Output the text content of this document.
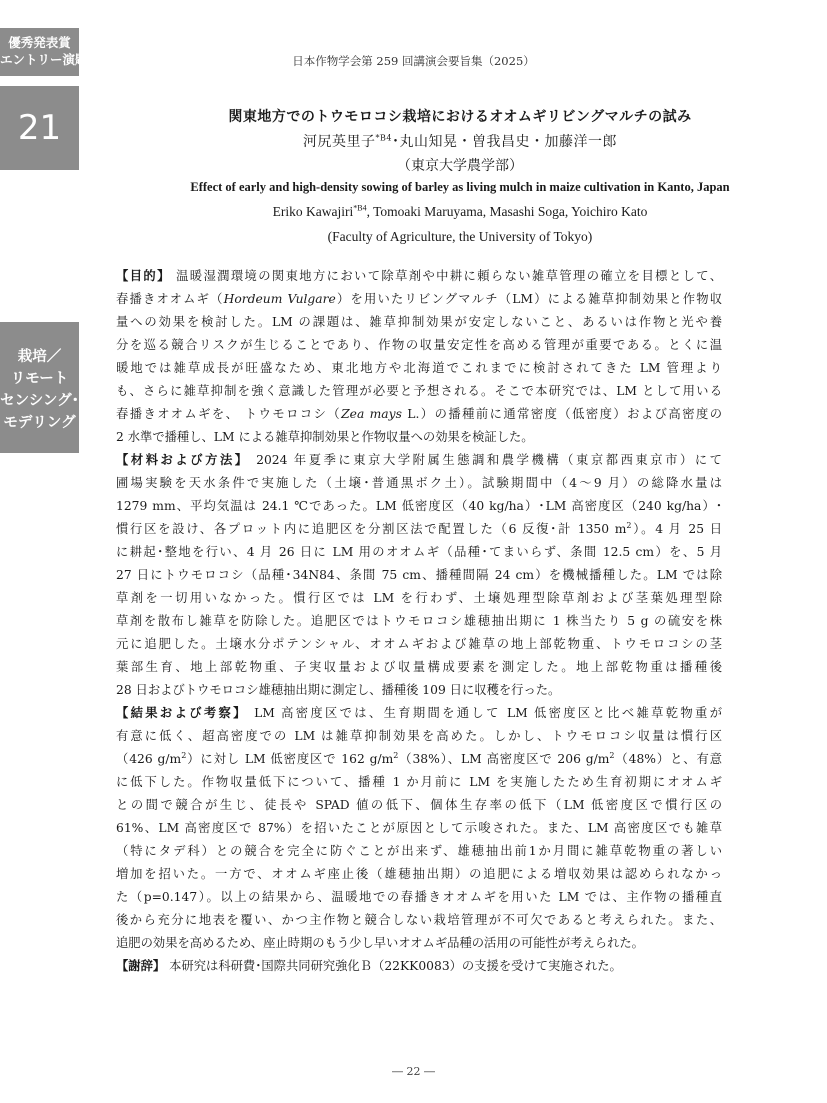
優秀発表賞
エントリー演題
21
栽培／
リモート
センシング･
モデリング
日本作物学会第 259 回講演会要旨集（2025）
関東地方でのトウモロコシ栽培におけるオオムギリビングマルチの試み
河尻英里子$^{*B4}$･丸山知晃・曽我昌史・加藤洋一郎
（東京大学農学部）
Effect of early and high-density sowing of barley as living mulch in maize cultivation in Kanto, Japan
Eriko Kawajiri$^{*B4}$, Tomoaki Maruyama, Masashi Soga, Yoichiro Kato
(Faculty of Agriculture, the University of Tokyo)
【目的】 温暖湿潤環境の関東地方において除草剤や中耕に頼らない雑草管理の確立を目標として、
春播きオオムギ（Hordeum Vulgare）を用いたリビングマルチ（LM）による雑草抑制効果と作物収
量への効果を検討した。LM の課題は、雑草抑制効果が安定しないこと、あるいは作物と光や養
分を巡る競合リスクが生じることであり、作物の収量安定性を高める管理が重要である。とくに温
暖地では雑草成長が旺盛なため、東北地方や北海道でこれまでに検討されてきた LM 管理より
も、さらに雑草抑制を強く意識した管理が必要と予想される。そこで本研究では、LM として用いる
春播きオオムギを、 トウモロコシ（Zea mays L.）の播種前に通常密度（低密度）および高密度の
2 水準で播種し、LM による雑草抑制効果と作物収量への効果を検証した。
【材料および方法】 2024 年夏季に東京大学附属生態調和農学機構（東京都西東京市）にて
圃場実験を天水条件で実施した（土壌･普通黒ボク土）。試験期間中（4～9 月）の総降水量は
1279 mm、平均気温は 24.1 ℃であった。LM 低密度区（40 kg/ha）･LM 高密度区（240 kg/ha）･
慣行区を設け、各プロット内に追肥区を分割区法で配置した（6 反復･計 1350 $m^2$）。4 月 25 日
に耕起･整地を行い、4 月 26 日に LM 用のオオムギ（品種･てまいらず、条間 12.5 cm）を、5 月
27 日にトウモロコシ（品種･34N84、条間 75 cm、播種間隔 24 cm）を機械播種した。LM では除
草剤を一切用いなかった。慣行区では LM を行わず、土壌処理型除草剤および茎葉処理型除
草剤を散布し雑草を防除した。追肥区ではトウモロコシ雄穂抽出期に 1 株当たり 5 g の硫安を株
元に追肥した。土壌水分ポテンシャル、オオムギおよび雑草の地上部乾物重、トウモロコシの茎
葉部生育、地上部乾物重、子実収量および収量構成要素を測定した。地上部乾物重は播種後
28 日およびトウモロコシ雄穂抽出期に測定し、播種後 109 日に収穫を行った。
【結果および考察】 LM 高密度区では、生育期間を通して LM 低密度区と比べ雑草乾物重が
有意に低く、超高密度での LM は雑草抑制効果を高めた。しかし、トウモロコシ収量は慣行区
（426 $g/m^2$）に対し LM 低密度区で 162 $g/m^2(38\%)$、LM 高密度区で 206 $g/m^2(48\%)$と、有意
に低下した。作物収量低下について、播種 1 か月前に LM を実施したため生育初期にオオムギ
との間で競合が生じ、徒長や SPAD 値の低下、個体生存率の低下（LM 低密度区で慣行区の
61%、LM 高密度区で 87%）を招いたことが原因として示唆された。また、LM 高密度区でも雑草
（特にタデ科）との競合を完全に防ぐことが出来ず、雄穂抽出前1か月間に雑草乾物重の著しい
増加を招いた。一方で、オオムギ座止後（雄穂抽出期）の追肥による増収効果は認められなかっ
た（p=0.147）。以上の結果から、温暖地での春播きオオムギを用いた LM では、主作物の播種直
後から充分に地表を覆い、かつ主作物と競合しない栽培管理が不可欠であると考えられた。また、
追肥の効果を高めるため、座止時期のもう少し早いオオムギ品種の活用の可能性が考えられた。
【謝辞】 本研究は科研費･国際共同研究強化Ｂ（22KK0083）の支援を受けて実施された。
― 22 ―
